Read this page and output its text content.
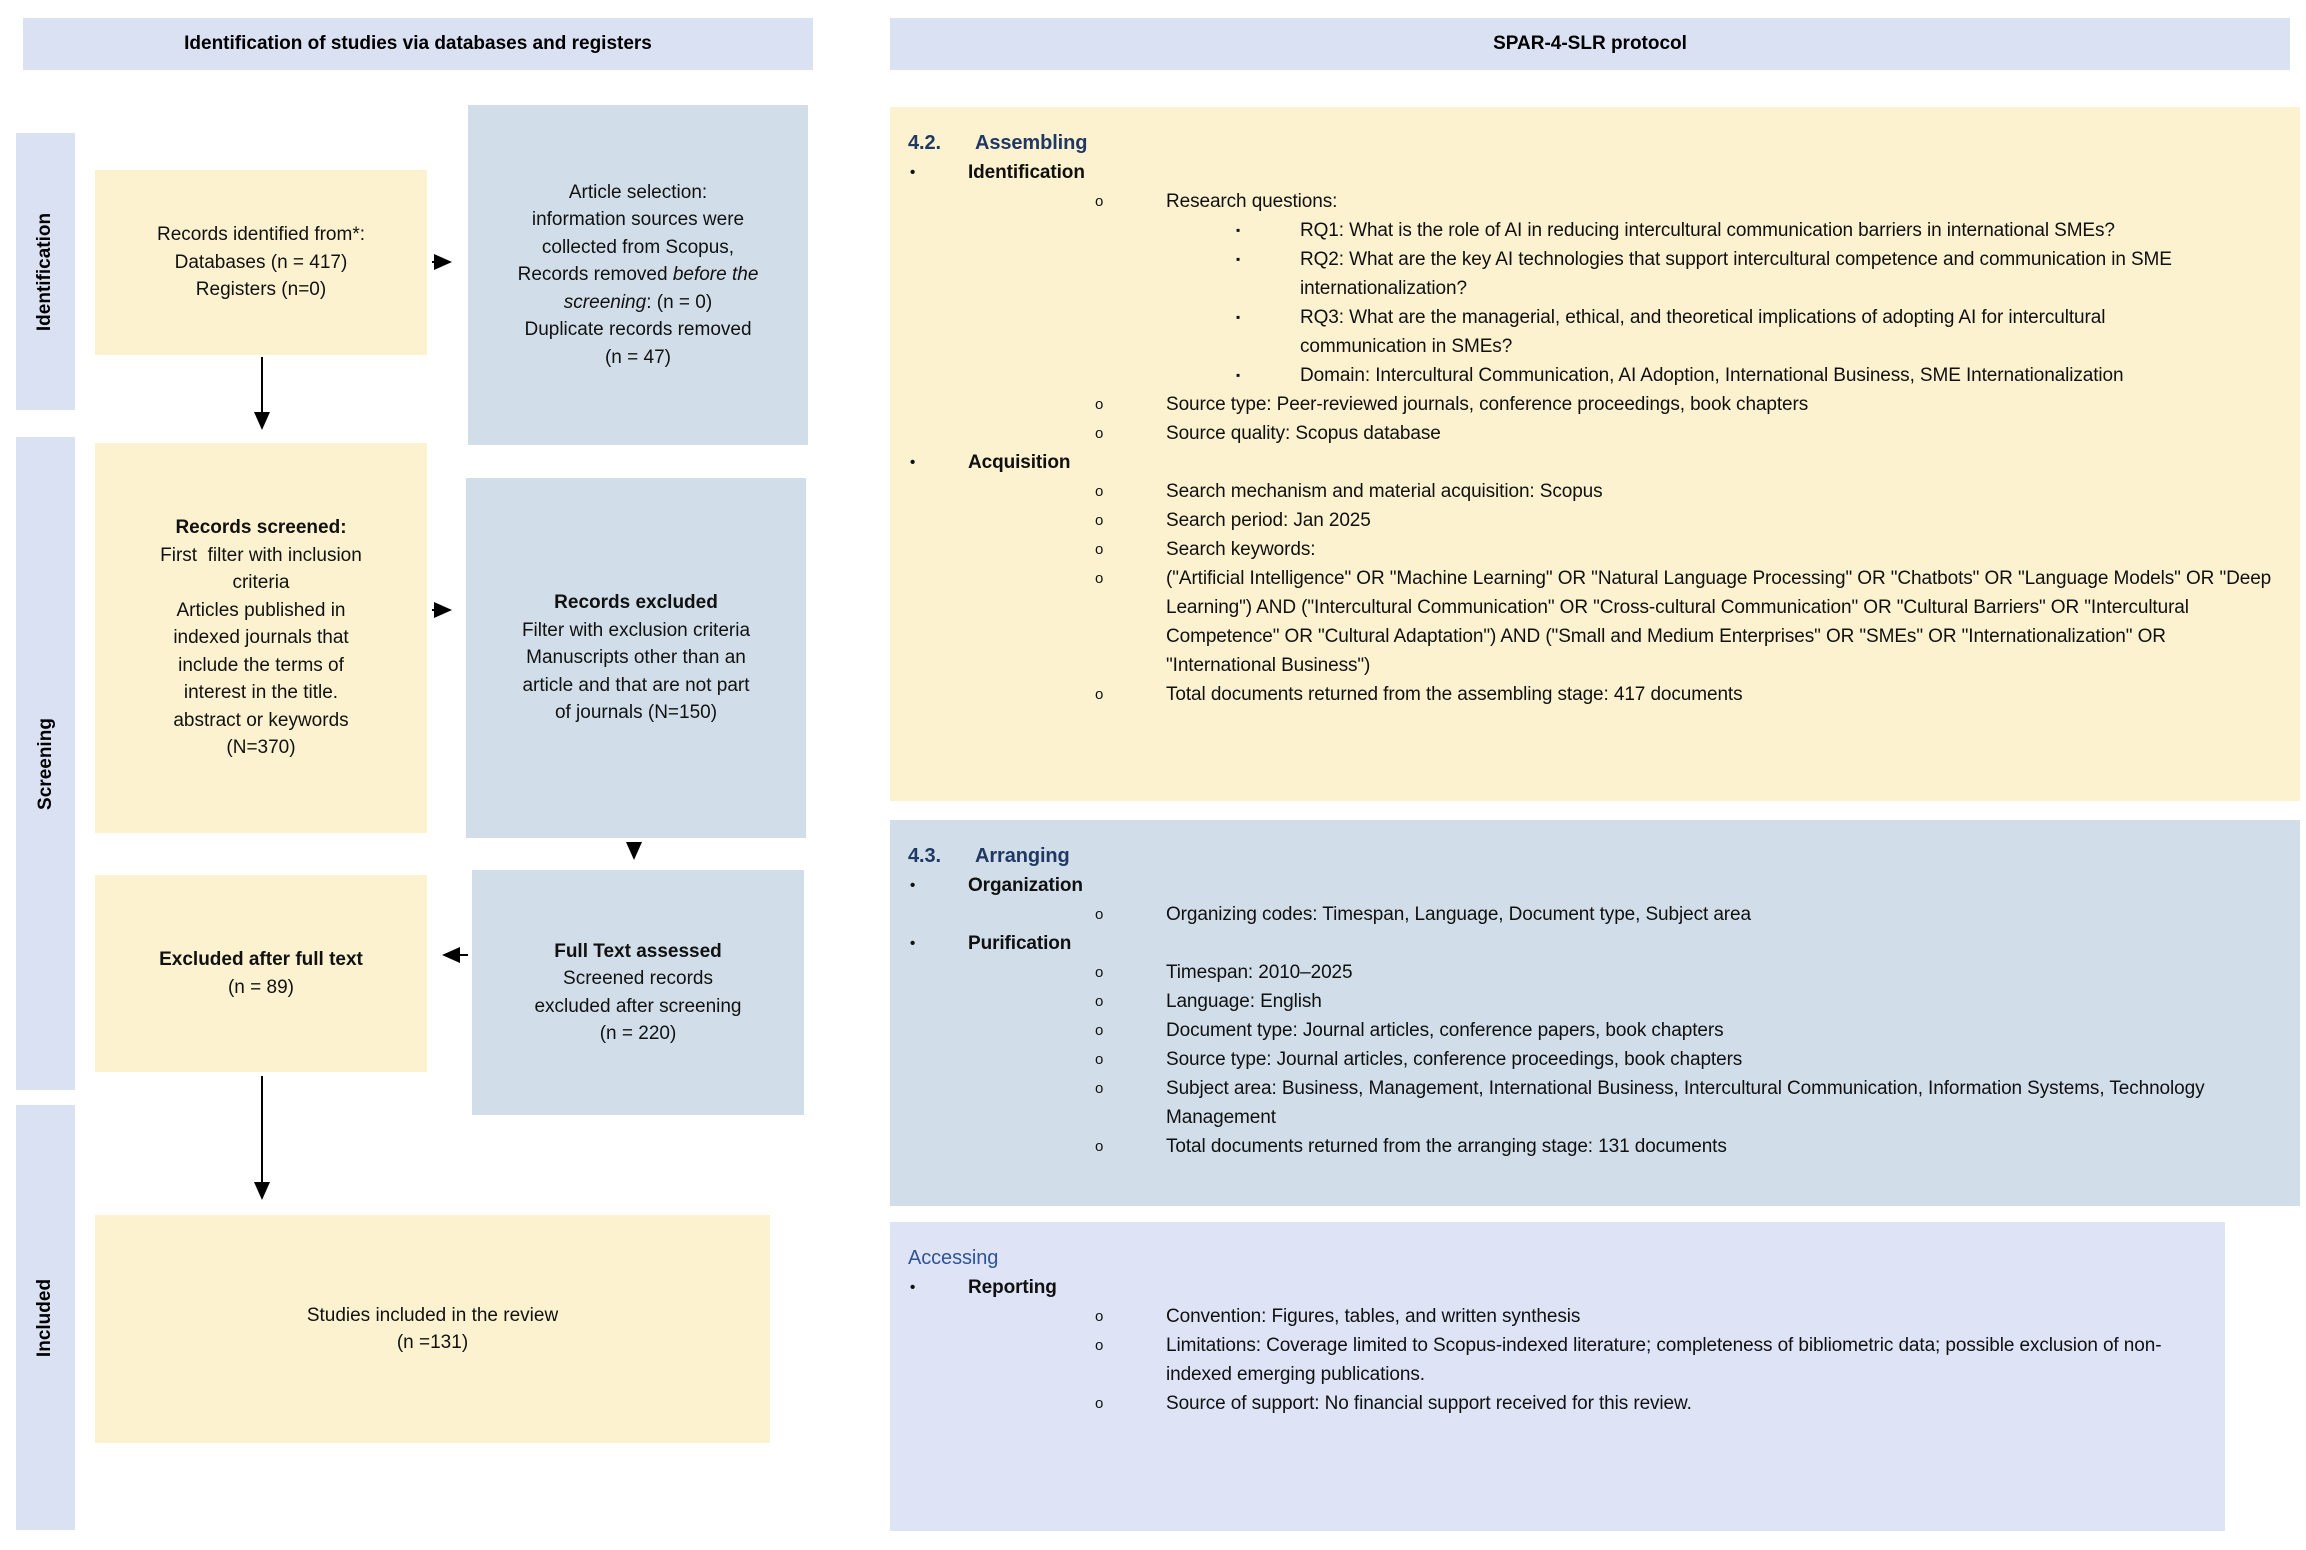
Identification of studies via databases and registers
Identification
Screening
Included
Records identified from*:
Databases (n = 417)
Registers (n=0)
Article selection:
information sources were
collected from Scopus,
Records removed before the
screening: (n = 0)
Duplicate records removed
(n = 47)
Records screened:
First  filter with inclusion
criteria
Articles published in
indexed journals that
include the terms of
interest in the title.
abstract or keywords
(N=370)
Records excluded
Filter with exclusion criteria
Manuscripts other than an
article and that are not part
of journals (N=150)
Excluded after full text
(n = 89)
Full Text assessed
Screened records
excluded after screening
(n = 220)
Studies included in the review
(n =131)
SPAR-4-SLR protocol
4.2.	Assembling
•	Identification
o	Research questions:
▪	RQ1: What is the role of AI in reducing intercultural communication barriers in international SMEs?
▪	RQ2: What are the key AI technologies that support intercultural competence and communication in SME internationalization?
▪	RQ3: What are the managerial, ethical, and theoretical implications of adopting AI for intercultural communication in SMEs?
▪	Domain: Intercultural Communication, AI Adoption, International Business, SME Internationalization
o	Source type: Peer-reviewed journals, conference proceedings, book chapters
o	Source quality: Scopus database
•	Acquisition
o	Search mechanism and material acquisition: Scopus
o	Search period: Jan 2025
o	Search keywords:
o	("Artificial Intelligence" OR "Machine Learning" OR "Natural Language Processing" OR "Chatbots" OR "Language Models" OR "Deep Learning") AND ("Intercultural Communication" OR "Cross-cultural Communication" OR "Cultural Barriers" OR "Intercultural Competence" OR "Cultural Adaptation") AND ("Small and Medium Enterprises" OR "SMEs" OR "Internationalization" OR "International Business")
o	Total documents returned from the assembling stage: 417 documents
4.3.	Arranging
•	Organization
o	Organizing codes: Timespan, Language, Document type, Subject area
•	Purification
o	Timespan: 2010–2025
o	Language: English
o	Document type: Journal articles, conference papers, book chapters
o	Source type: Journal articles, conference proceedings, book chapters
o	Subject area: Business, Management, International Business, Intercultural Communication, Information Systems, Technology Management
o	Total documents returned from the arranging stage: 131 documents
Accessing
•	Reporting
o	Convention: Figures, tables, and written synthesis
o	Limitations: Coverage limited to Scopus-indexed literature; completeness of bibliometric data; possible exclusion of non-indexed emerging publications.
o	Source of support: No financial support received for this review.
